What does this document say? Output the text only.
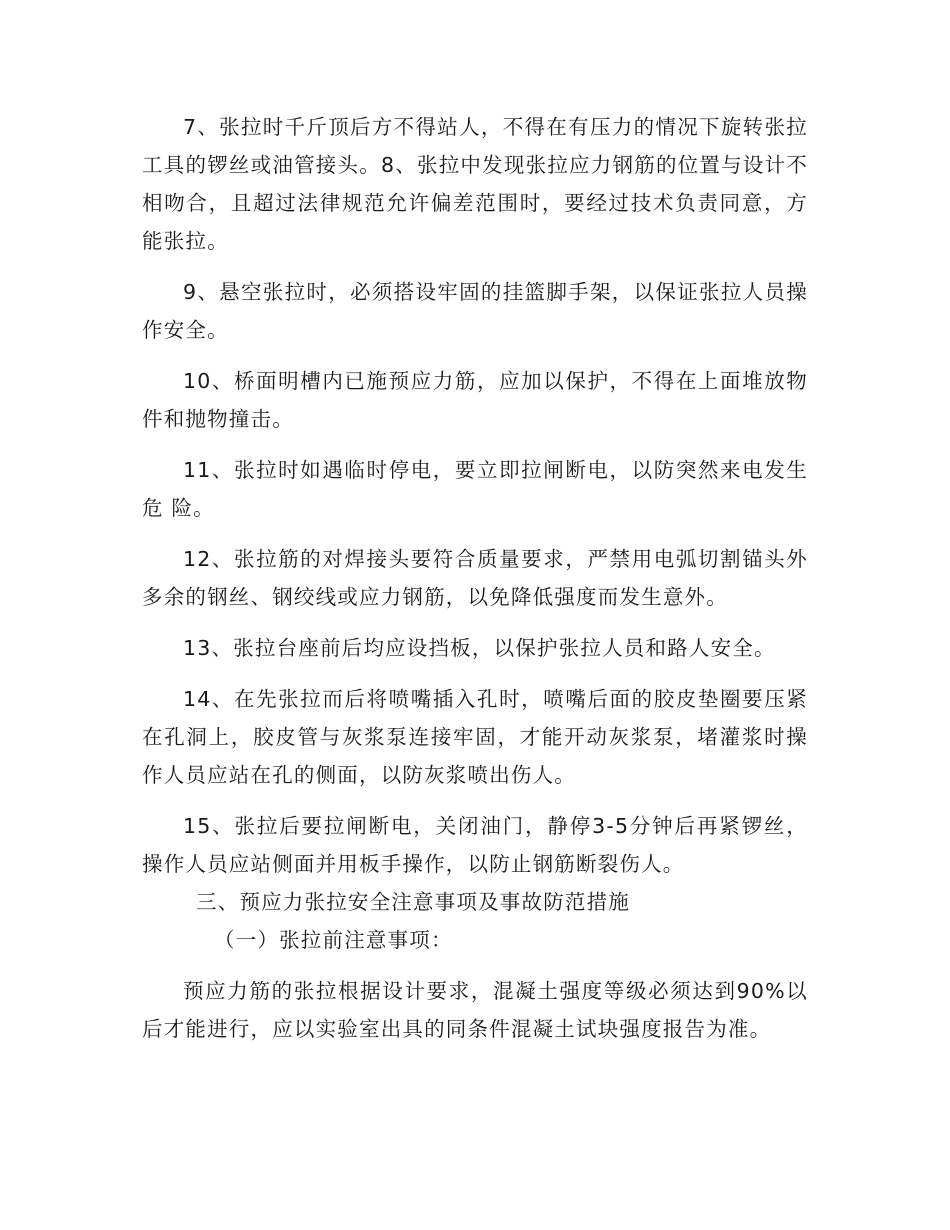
7、张拉时千斤顶后方不得站人，不得在有压力的情况下旋转张拉工具的锣丝或油管接头。8、张拉中发现张拉应力钢筋的位置与设计不相吻合，且超过法律规范允许偏差范围时，要经过技术负责同意，方能张拉。

9、悬空张拉时，必须搭设牢固的挂篮脚手架，以保证张拉人员操作安全。

10、桥面明槽内已施预应力筋，应加以保护，不得在上面堆放物件和抛物撞击。

11、张拉时如遇临时停电，要立即拉闸断电，以防突然来电发生危 险。

12、张拉筋的对焊接头要符合质量要求，严禁用电弧切割锚头外多余的钢丝、钢绞线或应力钢筋，以免降低强度而发生意外。

13、张拉台座前后均应设挡板，以保护张拉人员和路人安全。

14、在先张拉而后将喷嘴插入孔时，喷嘴后面的胶皮垫圈要压紧在孔洞上，胶皮管与灰浆泵连接牢固，才能开动灰浆泵，堵灌浆时操作人员应站在孔的侧面，以防灰浆喷出伤人。

15、张拉后要拉闸断电，关闭油门，静停3-5分钟后再紧锣丝，操作人员应站侧面并用板手操作，以防止钢筋断裂伤人。

三、预应力张拉安全注意事项及事故防范措施

（一）张拉前注意事项：

预应力筋的张拉根据设计要求，混凝土强度等级必须达到90%以后才能进行，应以实验室出具的同条件混凝土试块强度报告为准。
